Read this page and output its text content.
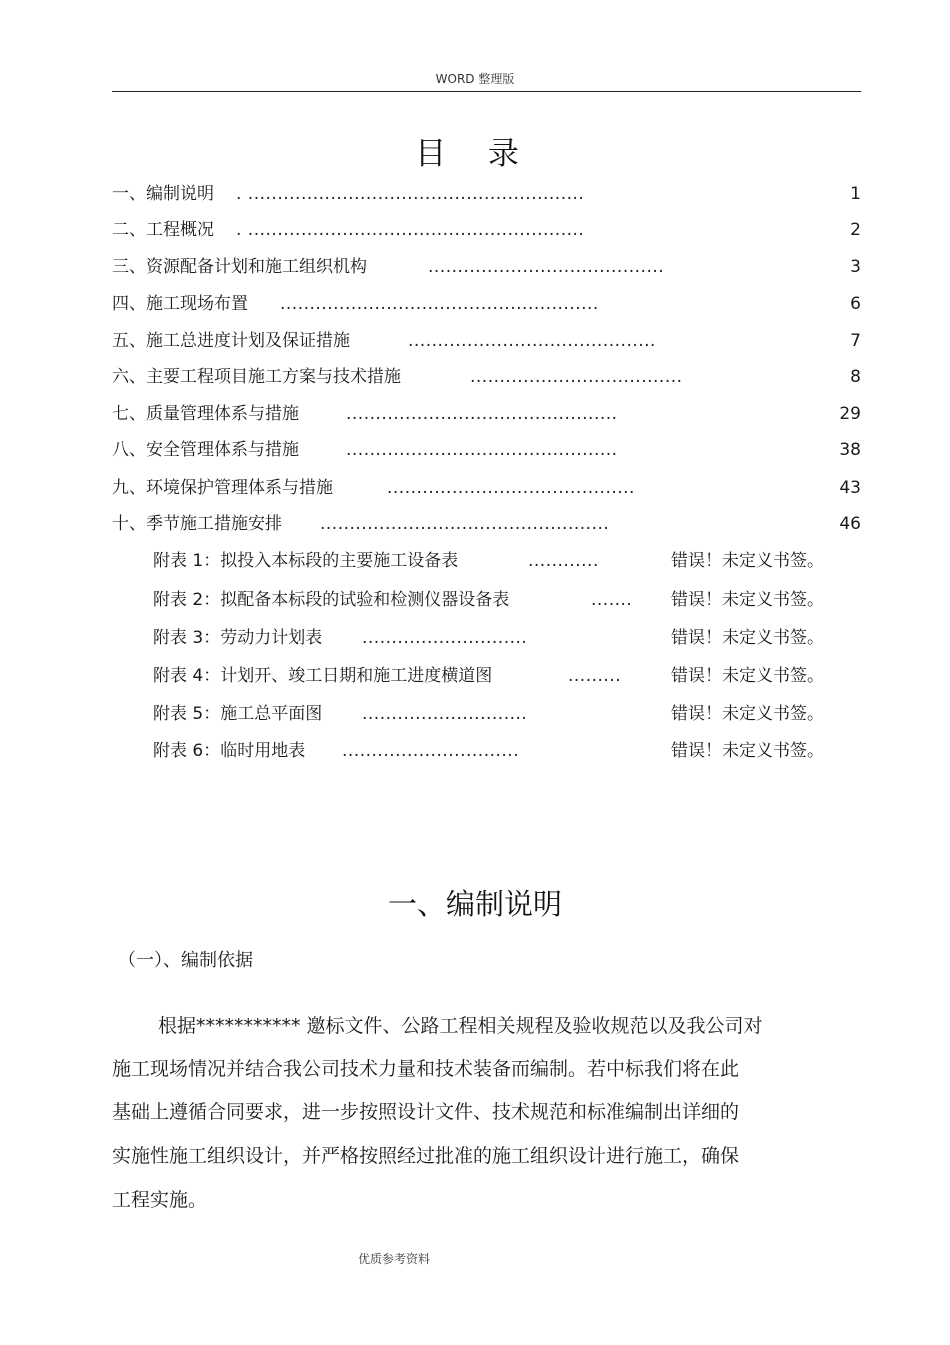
WORD 整理版
目 录
一、编制说明 . .........................................................	1
二、工程概况 . .........................................................	2
三、资源配备计划和施工组织机构	........................................	3
四、施工现场布置 ......................................................	6
五、施工总进度计划及保证措施	..........................................	7
六、主要工程项目施工方案与技术措施	....................................	8
七、质量管理体系与措施	..............................................	29
八、安全管理体系与措施	..............................................	38
九、环境保护管理体系与措施	..........................................	43
十、季节施工措施安排 .................................................	46
附表 1：拟投入本标段的主要施工设备表	............	错误！未定义书签。
附表 2：拟配备本标段的试验和检测仪器设备表	....... 错误！未定义书签。
附表 3：劳动力计划表 ............................	错误！未定义书签。
附表 4：计划开、竣工日期和施工进度横道图	.........	错误！未定义书签。
附表 5：施工总平面图 ............................	错误！未定义书签。
附表 6：临时用地表 ..............................	错误！未定义书签。
一、编制说明
（一）、编制依据
根据*********** 邀标文件、公路工程相关规程及验收规范以及我公司对
施工现场情况并结合我公司技术力量和技术装备而编制。若中标我们将在此
基础上遵循合同要求，进一步按照设计文件、技术规范和标准编制出详细的
实施性施工组织设计，并严格按照经过批准的施工组织设计进行施工，确保
工程实施。
优质参考资料
